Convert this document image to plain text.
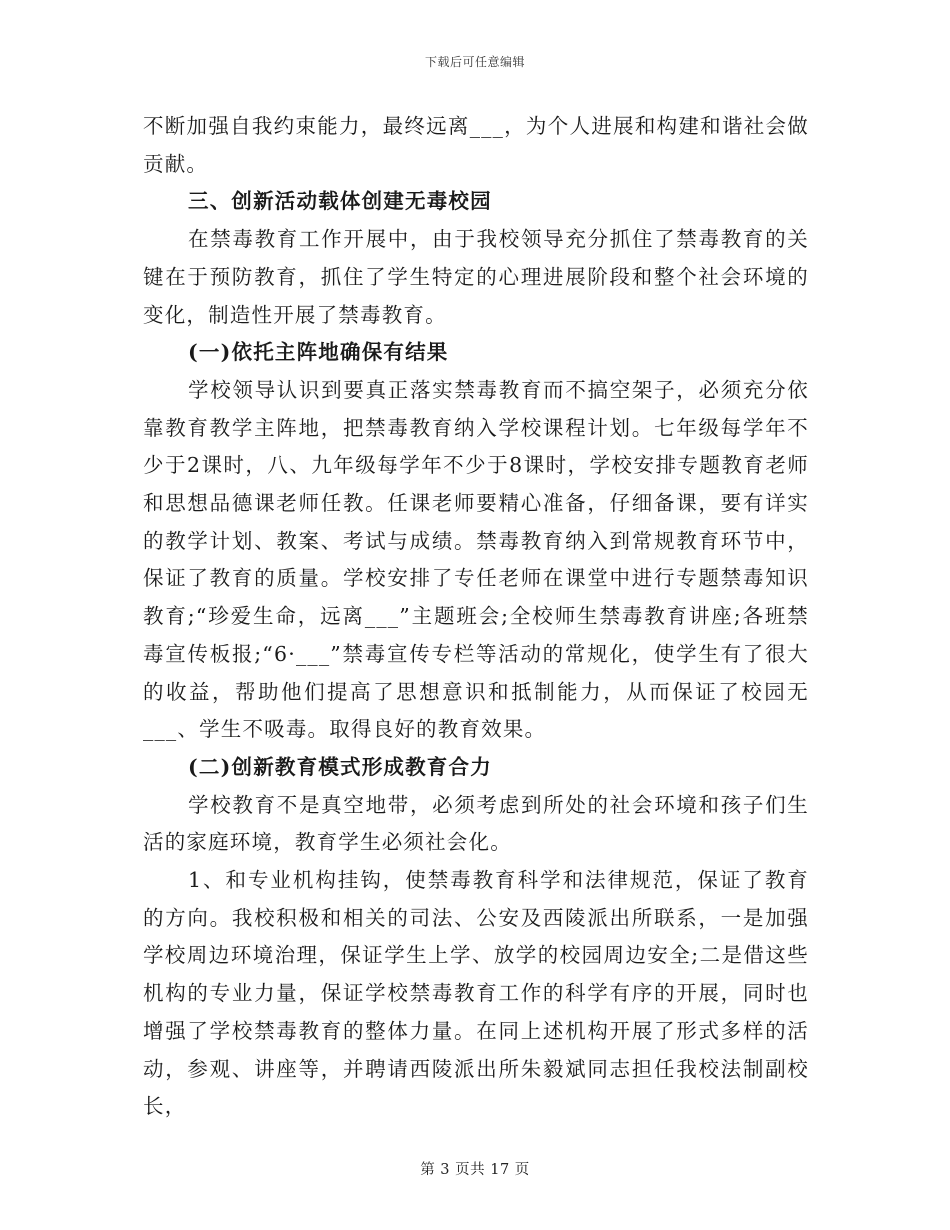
下载后可任意编辑

不断加强自我约束能力，最终远离___，为个人进展和构建和谐社会做贡献。

三、创新活动载体创建无毒校园

在禁毒教育工作开展中，由于我校领导充分抓住了禁毒教育的关键在于预防教育，抓住了学生特定的心理进展阶段和整个社会环境的变化，制造性开展了禁毒教育。

(一)依托主阵地确保有结果

学校领导认识到要真正落实禁毒教育而不搞空架子，必须充分依靠教育教学主阵地，把禁毒教育纳入学校课程计划。七年级每学年不少于2课时，八、九年级每学年不少于8课时，学校安排专题教育老师和思想品德课老师任教。任课老师要精心准备，仔细备课，要有详实的教学计划、教案、考试与成绩。禁毒教育纳入到常规教育环节中，保证了教育的质量。学校安排了专任老师在课堂中进行专题禁毒知识教育;“珍爱生命，远离___”主题班会;全校师生禁毒教育讲座;各班禁毒宣传板报;“6·___”禁毒宣传专栏等活动的常规化，使学生有了很大的收益，帮助他们提高了思想意识和抵制能力，从而保证了校园无___、学生不吸毒。取得良好的教育效果。

(二)创新教育模式形成教育合力

学校教育不是真空地带，必须考虑到所处的社会环境和孩子们生活的家庭环境，教育学生必须社会化。

1、和专业机构挂钩，使禁毒教育科学和法律规范，保证了教育的方向。我校积极和相关的司法、公安及西陵派出所联系，一是加强学校周边环境治理，保证学生上学、放学的校园周边安全;二是借这些机构的专业力量，保证学校禁毒教育工作的科学有序的开展，同时也增强了学校禁毒教育的整体力量。在同上述机构开展了形式多样的活动，参观、讲座等，并聘请西陵派出所朱毅斌同志担任我校法制副校长，

第 3 页共 17 页
